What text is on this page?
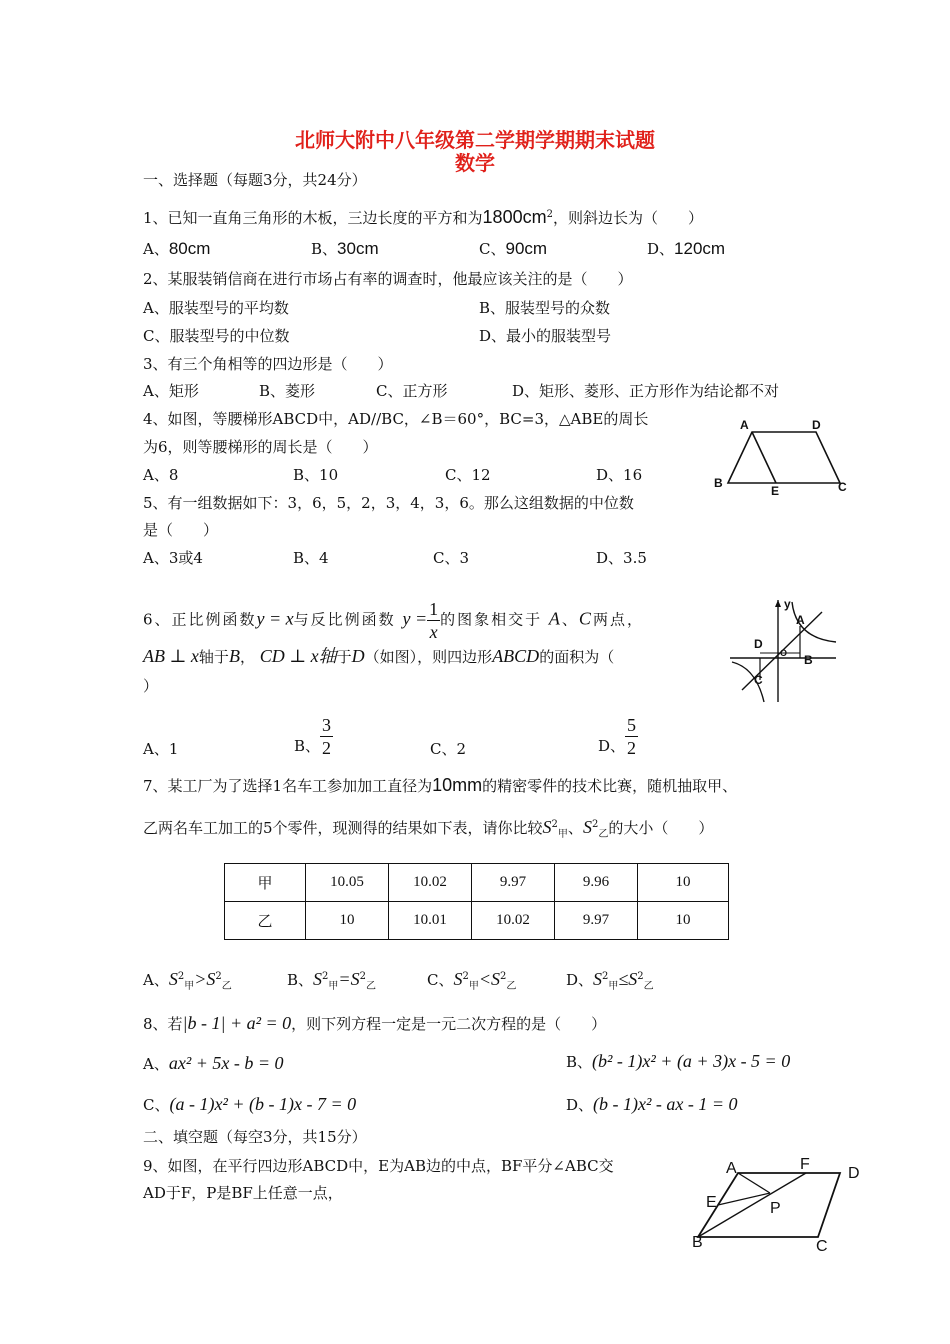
北师大附中八年级第二学期学期期末试题
数学
一、选择题（每题3分，共24分）
1、已知一直角三角形的木板，三边长度的平方和为$1800cm^2$，则斜边长为（　　）
A、80cm	B、30cm	C、90cm	D、120cm
2、某服装销信商在进行市场占有率的调查时，他最应该关注的是（　　）
A、服装型号的平均数	B、服装型号的众数
C、服装型号的中位数	D、最小的服装型号
3、有三个角相等的四边形是（　　）
A、矩形	B、菱形	C、正方形	D、矩形、菱形、正方形作为结论都不对
4、如图，等腰梯形ABCD中，AD//BC，∠B＝60°，BC=3，△ABE的周长
为6，则等腰梯形的周长是（　　）
A、8	B、10	C、12	D、16
A	D
B
E	C
5、有一组数据如下：3，6，5，2，3，4，3，6。那么这组数据的中位数
是（　　）
A、3或4	B、4	C、3	D、3.5
6、正比例函数y = x与反比例函数 $y = \frac{1}{x}$ 的图象相交于 A、C两点，
AB ⊥ x轴于B， CD ⊥ x轴于D（如图），则四边形ABCD的面积为（
）
A、1	B、 $\frac{3}{2}$	C、2	D、 $\frac{5}{2}$
y
A
D
O B
C
7、某工厂为了选择1名车工参加加工直径为10mm的精密零件的技术比赛，随机抽取甲、
乙两名车工加工的5个零件，现测得的结果如下表，请你比较$S^2_甲$、$S^2_乙$的大小（　　）
甲	10.05	10.02	9.97	9.96	10
乙	10	10.01	10.02	9.97	10
A、$S^2_甲>S^2_乙$	B、$S^2_甲=S^2_乙$	C、$S^2_甲<S^2_乙$	D、$S^2_甲\le S^2_乙$
8、若|b - 1| + a² = 0，则下列方程一定是一元二次方程的是（　　）
A、ax² + 5x - b = 0	B、(b² - 1)x² + (a + 3)x - 5 = 0
C、(a - 1)x² + (b - 1)x - 7 = 0	D、(b - 1)x² - ax - 1 = 0
二、填空题（每空3分，共15分）
9、如图，在平行四边形ABCD中，E为AB边的中点，BF平分∠ABC交
AD于F，P是BF上任意一点，
A	F
D
E	P
B	C
